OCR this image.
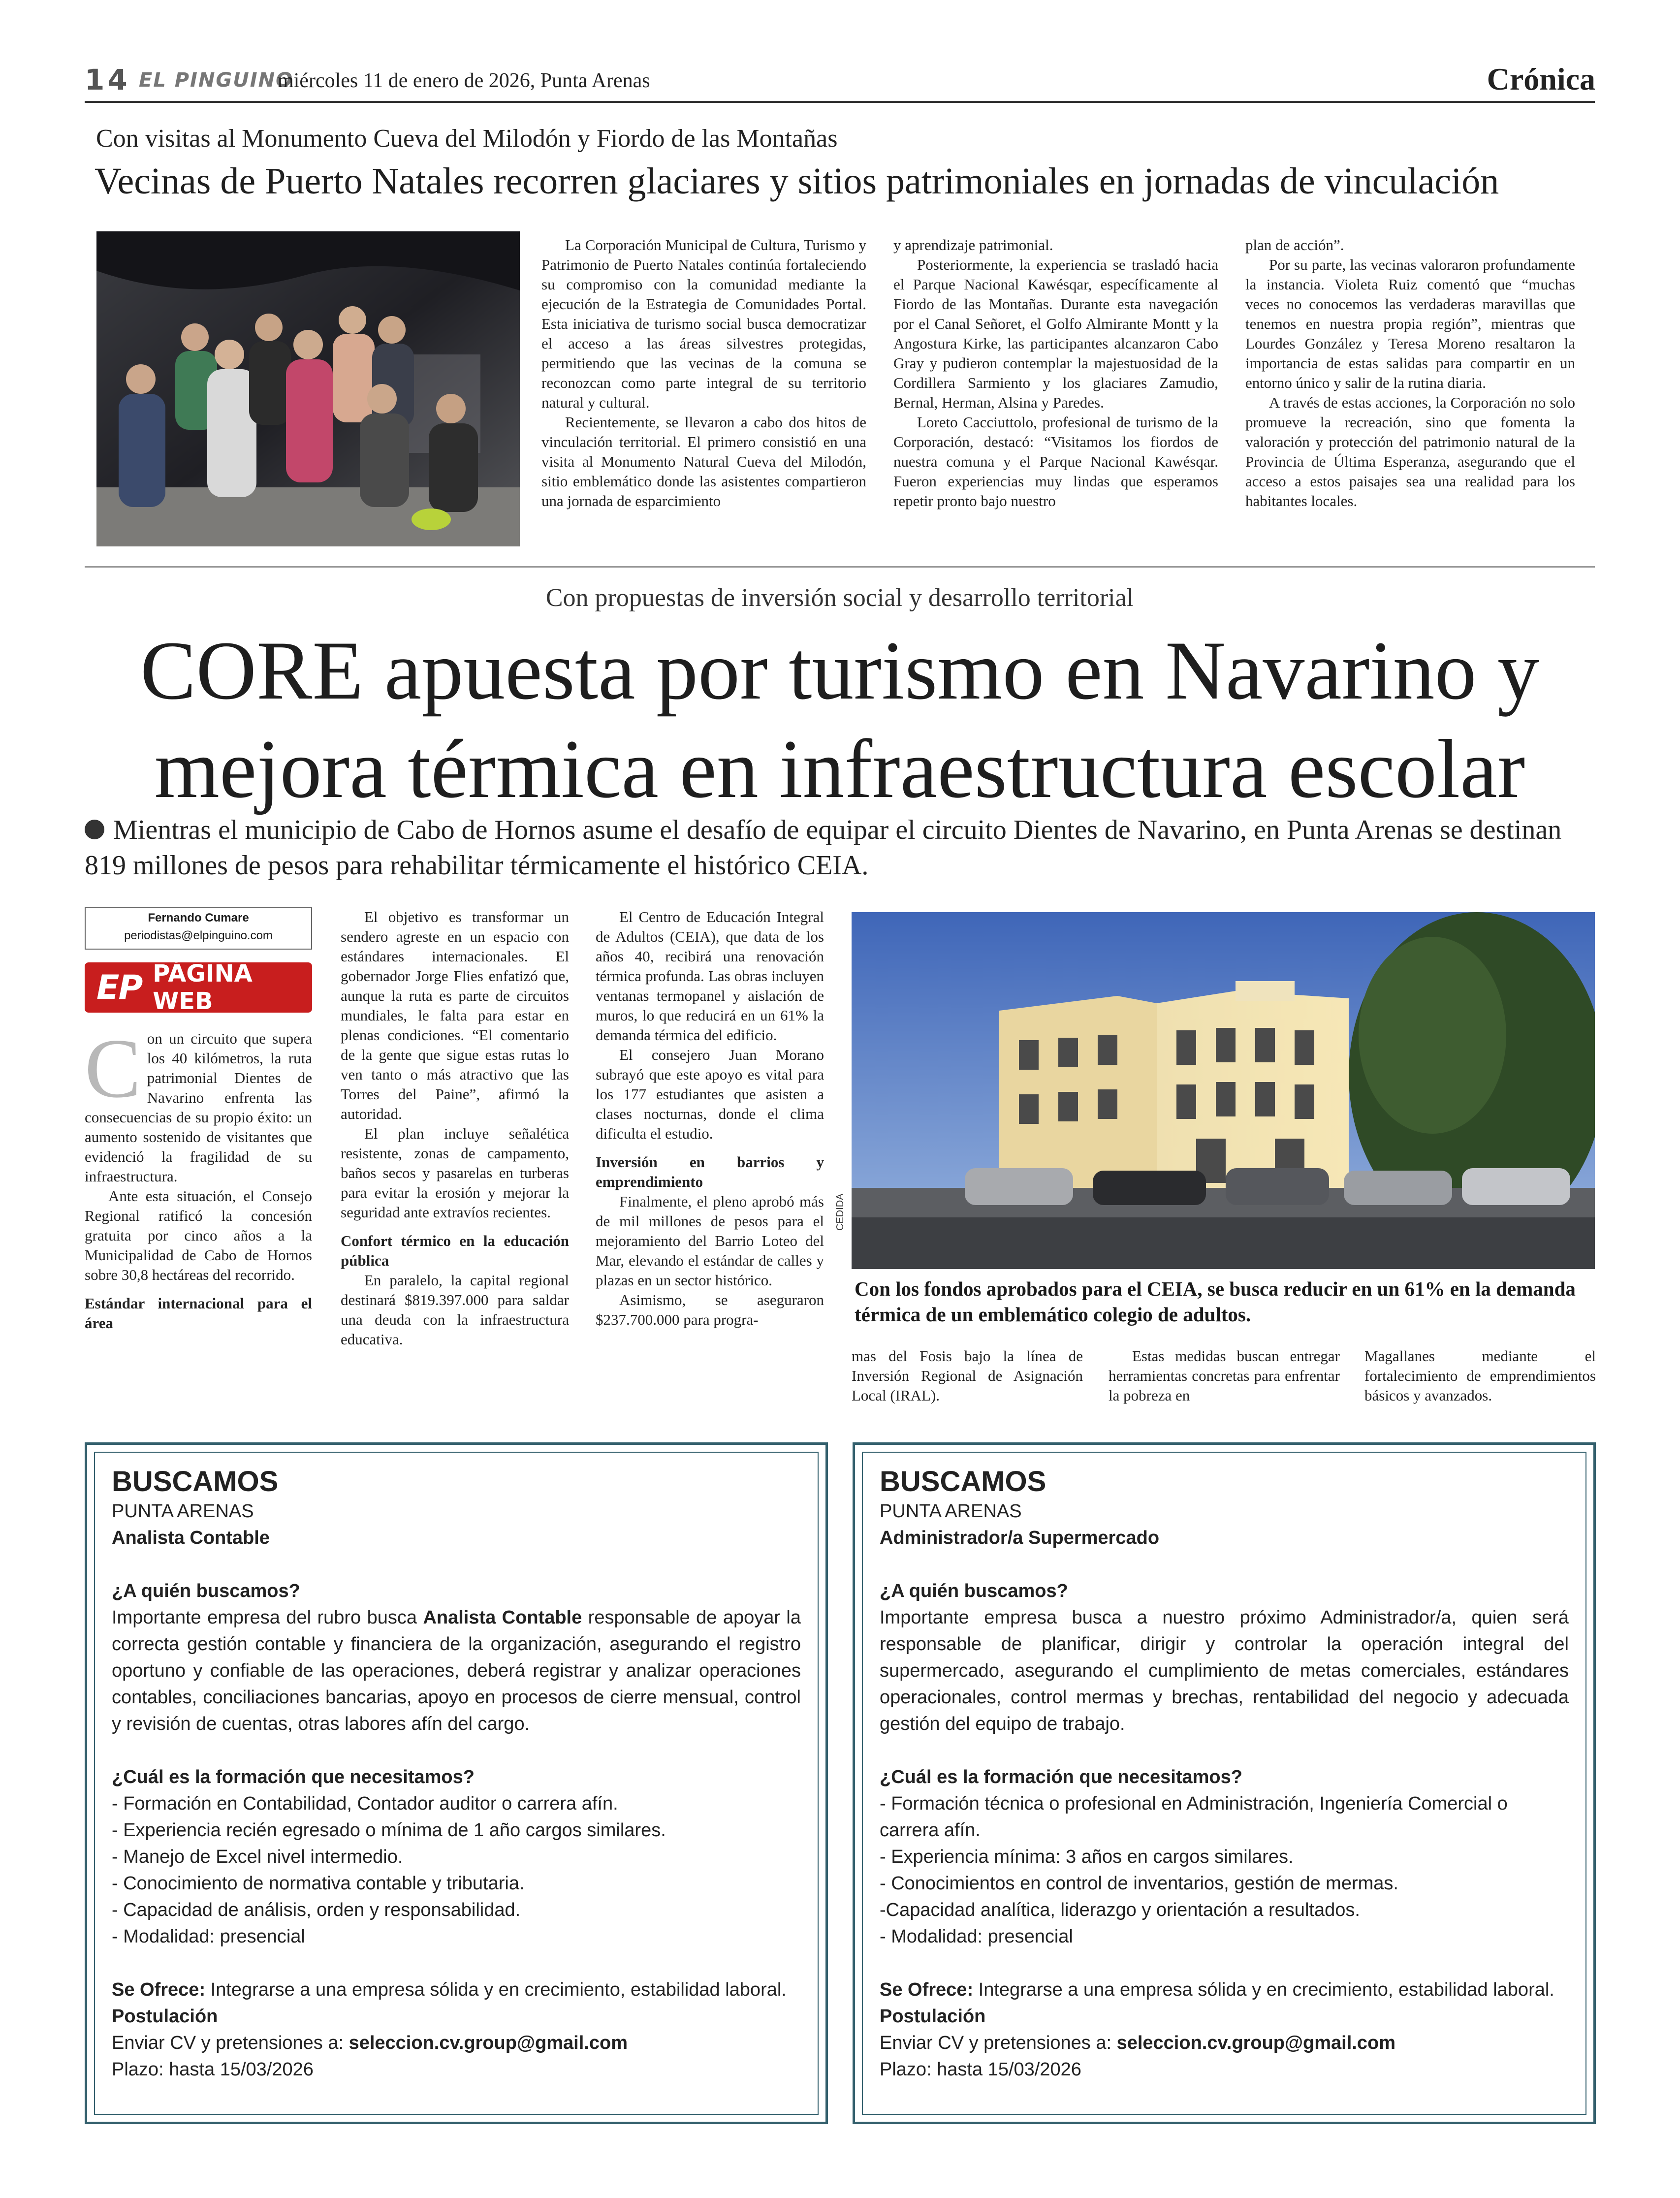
14 EL PINGUINO
miércoles 11 de enero de 2026, Punta Arenas	Crónica
Con visitas al Monumento Cueva del Milodón y Fiordo de las Montañas
Vecinas de Puerto Natales recorren glaciares y sitios patrimoniales en jornadas de vinculación

La Corporación Municipal de Cultura, Turismo y Patrimonio de Puerto Natales continúa fortaleciendo su compromiso con la comunidad mediante la ejecución de la Estrategia de Comunidades Portal. Esta iniciativa de turismo social busca democratizar el acceso a las áreas silvestres protegidas, permitiendo que las vecinas de la comuna se reconozcan como parte integral de su territorio natural y cultural.

Recientemente, se llevaron a cabo dos hitos de vinculación territorial. El primero consistió en una visita al Monumento Natural Cueva del Milodón, sitio emblemático donde las asistentes compartieron una jornada de esparcimiento

y aprendizaje patrimonial.

Posteriormente, la experiencia se trasladó hacia el Parque Nacional Kawésqar, específicamente al Fiordo de las Montañas. Durante esta navegación por el Canal Señoret, el Golfo Almirante Montt y la Angostura Kirke, las participantes alcanzaron Cabo Gray y pudieron contemplar la majestuosidad de la Cordillera Sarmiento y los glaciares Zamudio, Bernal, Herman, Alsina y Paredes.

Loreto Cacciuttolo, profesional de turismo de la Corporación, destacó: “Visitamos los fiordos de nuestra comuna y el Parque Nacional Kawésqar. Fueron experiencias muy lindas que esperamos repetir pronto bajo nuestro

plan de acción”.

Por su parte, las vecinas valoraron profundamente la instancia. Violeta Ruiz comentó que “muchas veces no conocemos las verdaderas maravillas que tenemos en nuestra propia región”, mientras que Lourdes González y Teresa Moreno resaltaron la importancia de estas salidas para compartir en un entorno único y salir de la rutina diaria.

A través de estas acciones, la Corporación no solo promueve la recreación, sino que fomenta la valoración y protección del patrimonio natural de la Provincia de Última Esperanza, asegurando que el acceso a estos paisajes sea una realidad para los habitantes locales.

Con propuestas de inversión social y desarrollo territorial
CORE apuesta por turismo en Navarino y
mejora térmica en infraestructura escolar
Mientras el municipio de Cabo de Hornos asume el desafío de equipar el circuito Dientes de Navarino, en Punta Arenas se destinan 819 millones de pesos para rehabilitar térmicamente el histórico CEIA.
Fernando Cumare
periodistas@elpinguino.com
EP PÁGINA WEB

Con un circuito que supera los 40 kilómetros, la ruta patrimonial Dientes de Navarino enfrenta las consecuencias de su propio éxito: un aumento sostenido de visitantes que evidenció la fragilidad de su infraestructura.

Ante esta situación, el Consejo Regional ratificó la concesión gratuita por cinco años a la Municipalidad de Cabo de Hornos sobre 30,8 hectáreas del recorrido.

Estándar internacional para el área

El objetivo es transformar un sendero agreste en un espacio con estándares internacionales. El gobernador Jorge Flies enfatizó que, aunque la ruta es parte de circuitos mundiales, le falta para estar en plenas condiciones. “El comentario de la gente que sigue estas rutas lo ven tanto o más atractivo que las Torres del Paine”, afirmó la autoridad.

El plan incluye señalética resistente, zonas de campamento, baños secos y pasarelas en turberas para evitar la erosión y mejorar la seguridad ante extravíos recientes.

Confort térmico en la educación pública

En paralelo, la capital regional destinará $819.397.000 para saldar una deuda con la infraestructura educativa.

El Centro de Educación Integral de Adultos (CEIA), que data de los años 40, recibirá una renovación térmica profunda. Las obras incluyen ventanas termopanel y aislación de muros, lo que reducirá en un 61% la demanda térmica del edificio.

El consejero Juan Morano subrayó que este apoyo es vital para los 177 estudiantes que asisten a clases nocturnas, donde el clima dificulta el estudio.

Inversión en barrios y emprendimiento

Finalmente, el pleno aprobó más de mil millones de pesos para el mejoramiento del Barrio Loteo del Mar, elevando el estándar de calles y plazas en un sector histórico.

Asimismo, se aseguraron $237.700.000 para progra-

CEDIDA
Con los fondos aprobados para el CEIA, se busca reducir en un 61% en la demanda térmica de un emblemático colegio de adultos.

mas del Fosis bajo la línea de Inversión Regional de Asignación Local (IRAL).

Estas medidas buscan entregar herramientas concretas para enfrentar la pobreza en

Magallanes mediante el fortalecimiento de emprendimientos básicos y avanzados.

BUSCAMOS
PUNTA ARENAS
Analista Contable
¿A quién buscamos?
Importante empresa del rubro busca Analista Contable responsable de apoyar la correcta gestión contable y financiera de la organización, asegurando el registro oportuno y confiable de las operaciones, deberá registrar y analizar operaciones contables, conciliaciones bancarias, apoyo en procesos de cierre mensual, control y revisión de cuentas, otras labores afín del cargo.
¿Cuál es la formación que necesitamos?
- Formación en Contabilidad, Contador auditor o carrera afín.
- Experiencia recién egresado o mínima de 1 año cargos similares.
- Manejo de Excel nivel intermedio.
- Conocimiento de normativa contable y tributaria.
- Capacidad de análisis, orden y responsabilidad.
- Modalidad: presencial
Se Ofrece: Integrarse a una empresa sólida y en crecimiento, estabilidad laboral.
Postulación
Enviar CV y pretensiones a: seleccion.cv.group@gmail.com
Plazo: hasta 15/03/2026
BUSCAMOS
PUNTA ARENAS
Administrador/a Supermercado
¿A quién buscamos?
Importante empresa busca a nuestro próximo Administrador/a, quien será responsable de planificar, dirigir y controlar la operación integral del supermercado, asegurando el cumplimiento de metas comerciales, estándares operacionales, control mermas y brechas, rentabilidad del negocio y adecuada gestión del equipo de trabajo.
¿Cuál es la formación que necesitamos?
- Formación técnica o profesional en Administración, Ingeniería Comercial o carrera afín.
- Experiencia mínima: 3 años en cargos similares.
- Conocimientos en control de inventarios, gestión de mermas.
-Capacidad analítica, liderazgo y orientación a resultados.
- Modalidad: presencial
Se Ofrece: Integrarse a una empresa sólida y en crecimiento, estabilidad laboral.
Postulación
Enviar CV y pretensiones a: seleccion.cv.group@gmail.com
Plazo: hasta 15/03/2026
